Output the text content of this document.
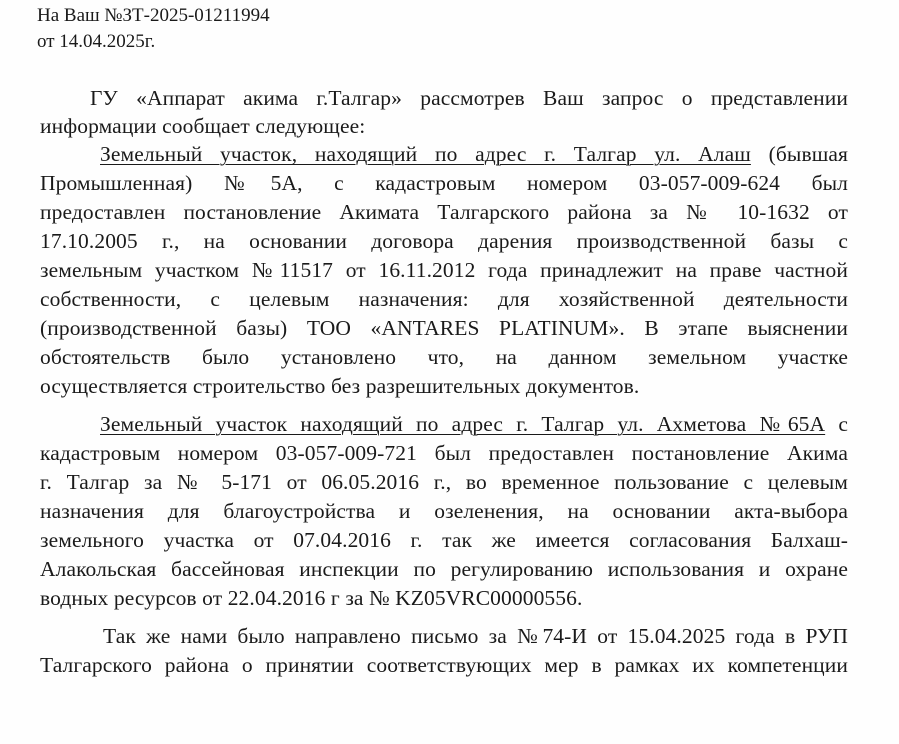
На Ваш №ЗТ-2025-01211994
от 14.04.2025г.
ГУ «Аппарат акима г.Талгар» рассмотрев Ваш запрос о представлении
информации сообщает следующее:
Земельный участок, находящий по адрес г. Талгар ул. Алаш (бывшая
Промышленная) №5А, с кадастровым номером 03-057-009-624 был
предоставлен постановление Акимата Талгарского района за № 10-1632 от
17.10.2005 г., на основании договора дарения производственной базы с
земельным участком №11517 от 16.11.2012 года принадлежит на праве частной
собственности, с целевым назначения: для хозяйственной деятельности
(производственной базы) ТОО «ANTARES PLATINUM». В этапе выяснении
обстоятельств было установлено что, на данном земельном участке
осуществляется строительство без разрешительных документов.
Земельный участок находящий по адрес г. Талгар ул. Ахметова №65А с
кадастровым номером 03-057-009-721 был предоставлен постановление Акима
г. Талгар за № 5-171 от 06.05.2016 г., во временное пользование с целевым
назначения для благоустройства и озеленения, на основании акта-выбора
земельного участка от 07.04.2016 г. так же имеется согласования Балхаш-
Алакольская бассейновая инспекции по регулированию использования и охране
водных ресурсов от 22.04.2016 г за № KZ05VRC00000556.
Так же нами было направлено письмо за №74-И от 15.04.2025 года в РУП
Талгарского района о принятии соответствующих мер в рамках их компетенции
